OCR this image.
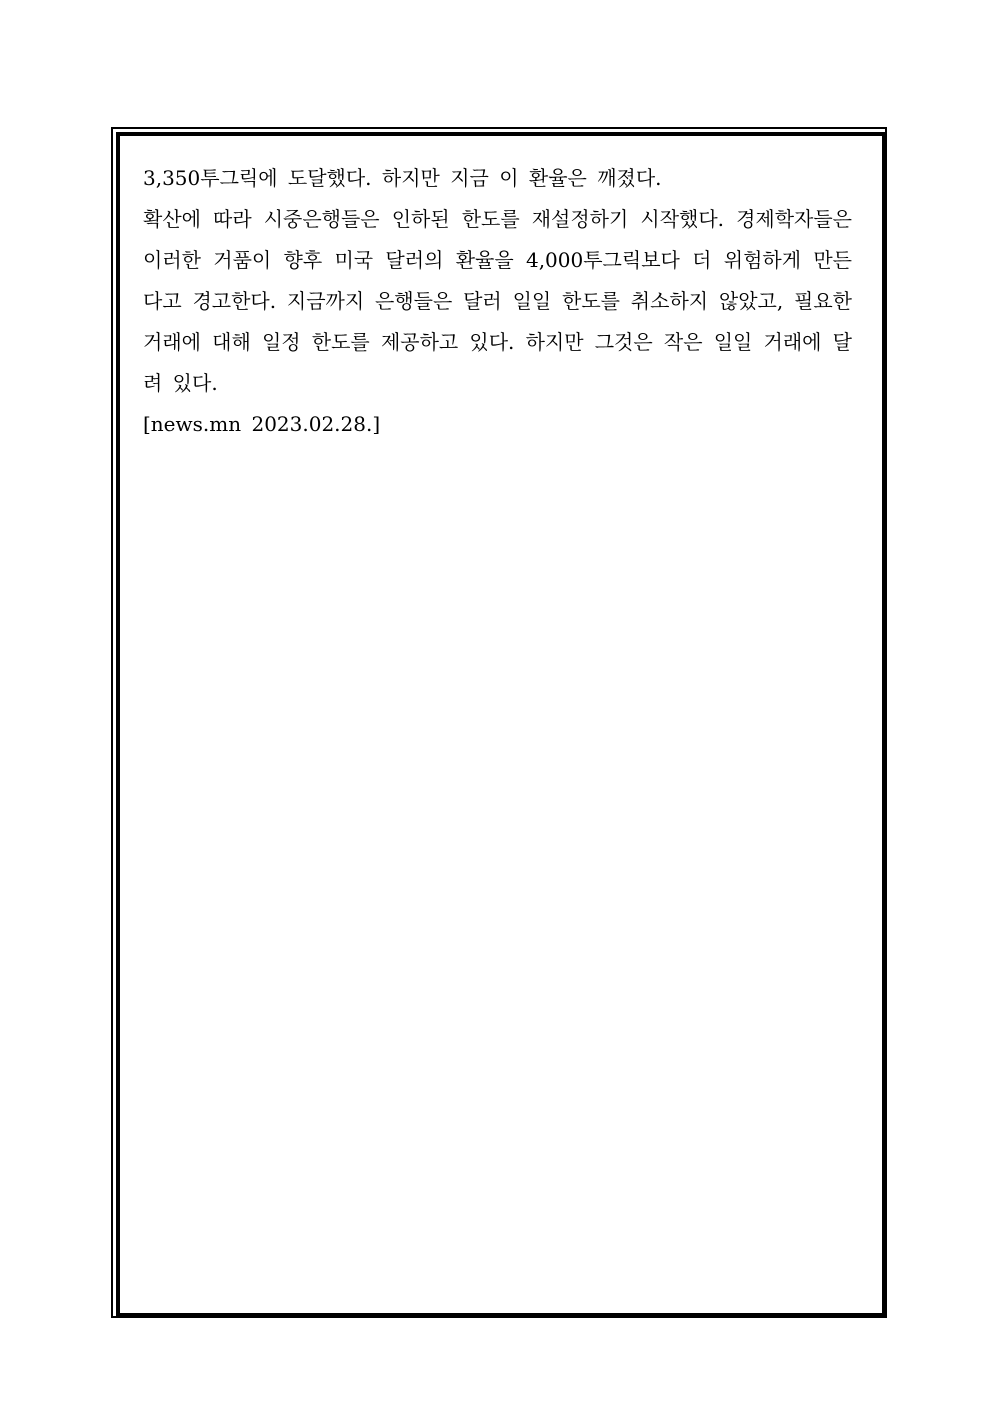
3,350투그릭에 도달했다. 하지만 지금 이 환율은 깨졌다.

확산에 따라 시중은행들은 인하된 한도를 재설정하기 시작했다. 경제학자들은 이러한 거품이 향후 미국 달러의 환율을 4,000투그릭보다 더 위험하게 만든다고 경고한다. 지금까지 은행들은 달러 일일 한도를 취소하지 않았고, 필요한 거래에 대해 일정 한도를 제공하고 있다. 하지만 그것은 작은 일일 거래에 달려 있다.

[news.mn 2023.02.28.]
